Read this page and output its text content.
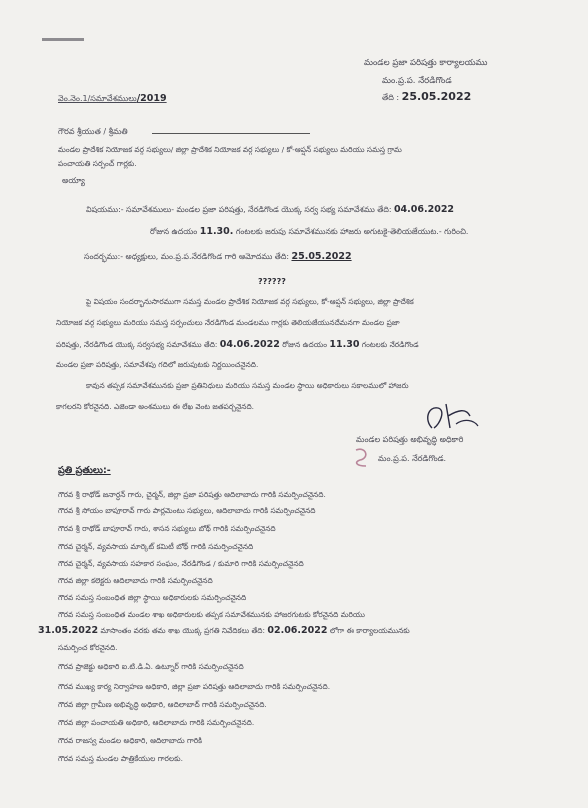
మండల ప్రజా పరిషత్తు కార్యాలయము
మం.ప్ర.ప. నేరడిగొండ
తేది : 25.05.2022
వెం.నెం.1/సమావేశములు/2019
గౌరవ శ్రీయుత / శ్రీమతి
మండల ప్రాదేశిక నియోజక వర్గ సభ్యులు/ జిల్లా ప్రాదేశిక నియోజక వర్గ సభ్యులు / కో-ఆప్షన్ సభ్యులు మరియు సమస్త గ్రామ
పంచాయతి సర్పంచ్ గార్లకు.
అయ్యా
విషయము:- సమావేశములు- మండల ప్రజా పరిషత్తు, నేరడిగొండ యొక్క సర్వ సభ్య సమావేశము తేది: 04.06.2022
రోజున ఉదయం 11.30. గంటలకు జరుపు సమావేశమునకు హాజరు అగుటకై-తెలియజేయుట.- గురించి.
సందర్భము:- అధ్యక్షులు, మం.ప్ర.ప.నేరడిగొండ గారి ఆమోదము తేది: 25.05.2022
??????
పై విషయం సందర్భానుసారముగా సమస్త మండల ప్రాదేశిక నియోజక వర్గ సభ్యులు, కో-ఆప్షన్ సభ్యులు, జిల్లా ప్రాదేశిక
నియోజక వర్గ సభ్యులు మరియు సమస్త సర్పంచులు నేరడిగొండ మండలము గార్లకు తెలియజేయునదేమనగా మండల ప్రజా
పరిషత్తు, నేరడిగొండ యొక్క సర్వసభ్య సమావేశము తేది: 04.06.2022 రోజున ఉదయం 11.30 గంటలకు నేరడిగొండ
మండల ప్రజా పరిషత్తు, సమావేశపు గదిలో జరుపుటకు నిర్ణయించనైనది.
కావున తప్పక సమావేశమునకు ప్రజా ప్రతినిధులు మరియు సమస్త మండల స్థాయి అధికారులు సకాలములో హాజరు
కాగలరని కోరనైనది. ఎజెండా అంశములు ఈ లేఖ వెంట జతపర్చనైనది.
మండల పరిషత్తు అభివృద్ధి అధికారి
మం.ప్ర.ప. నేరడిగొండ.
ప్రతి ప్రతులు:-
గౌరవ శ్రీ రాథోడ్ జనార్ధన్ గారు, చైర్మన్, జిల్లా ప్రజా పరిషత్తు ఆదిలాబాదు గారికి సమర్పించనైనది.
గౌరవ శ్రీ సోయం బాపూరావ్ గారు పార్లమెంటు సభ్యులు, ఆదిలాబాదు గారికి సమర్పించనైనది
గౌరవ శ్రీ రాథోడ్ బాపూరావ్ గారు, శాసన సభ్యులు బోథ్ గారికి సమర్పించనైనది
గౌరవ చైర్మన్, వ్యవసాయ మార్కెట్ కమిటీ బోథ్ గారికి సమర్పించనైనది
గౌరవ చైర్మన్, వ్యవసాయ సహకార సంఘం, నేరడిగొండ / కుమారి గారికి సమర్పించనైనది
గౌరవ జిల్లా కలెక్టరు ఆదిలాబాదు గారికి సమర్పించనైనది
గౌరవ సమస్త సంబంధిత జిల్లా స్థాయి అధికారులకు సమర్పించనైనది
గౌరవ సమస్త సంబంధిత మండల శాఖ అధికారులకు తప్పక సమావేశమునకు హాజరగుటకు కోరనైనది మరియు
31.05.2022 మాసాంతం వరకు తమ శాఖ యొక్క ప్రగతి నివేదికలు తేది: 02.06.2022 లోగా ఈ కార్యాలయమునకు
సమర్పించ కోరనైనది.
గౌరవ ప్రాజెక్టు అధికారి ఐ.టి.డి.ఏ. ఉట్నూర్ గారికి సమర్పించనైనది
గౌరవ ముఖ్య కార్య నిర్వాహణ అధికారి, జిల్లా ప్రజా పరిషత్తు ఆదిలాబాదు గారికి సమర్పించనైనది.
గౌరవ జిల్లా గ్రామీణ అభివృద్ధి అధికారి, ఆదిలాబాద్ గారికి సమర్పించనైనది.
గౌరవ జిల్లా పంచాయతి అధికారి, ఆదిలాబాదు గారికి సమర్పించనైనది.
గౌరవ రాజస్వ మండల అధికారి, ఆదిలాబాదు గారికి
గౌరవ సమస్త మండల పాత్రికేయుల గారలకు.
